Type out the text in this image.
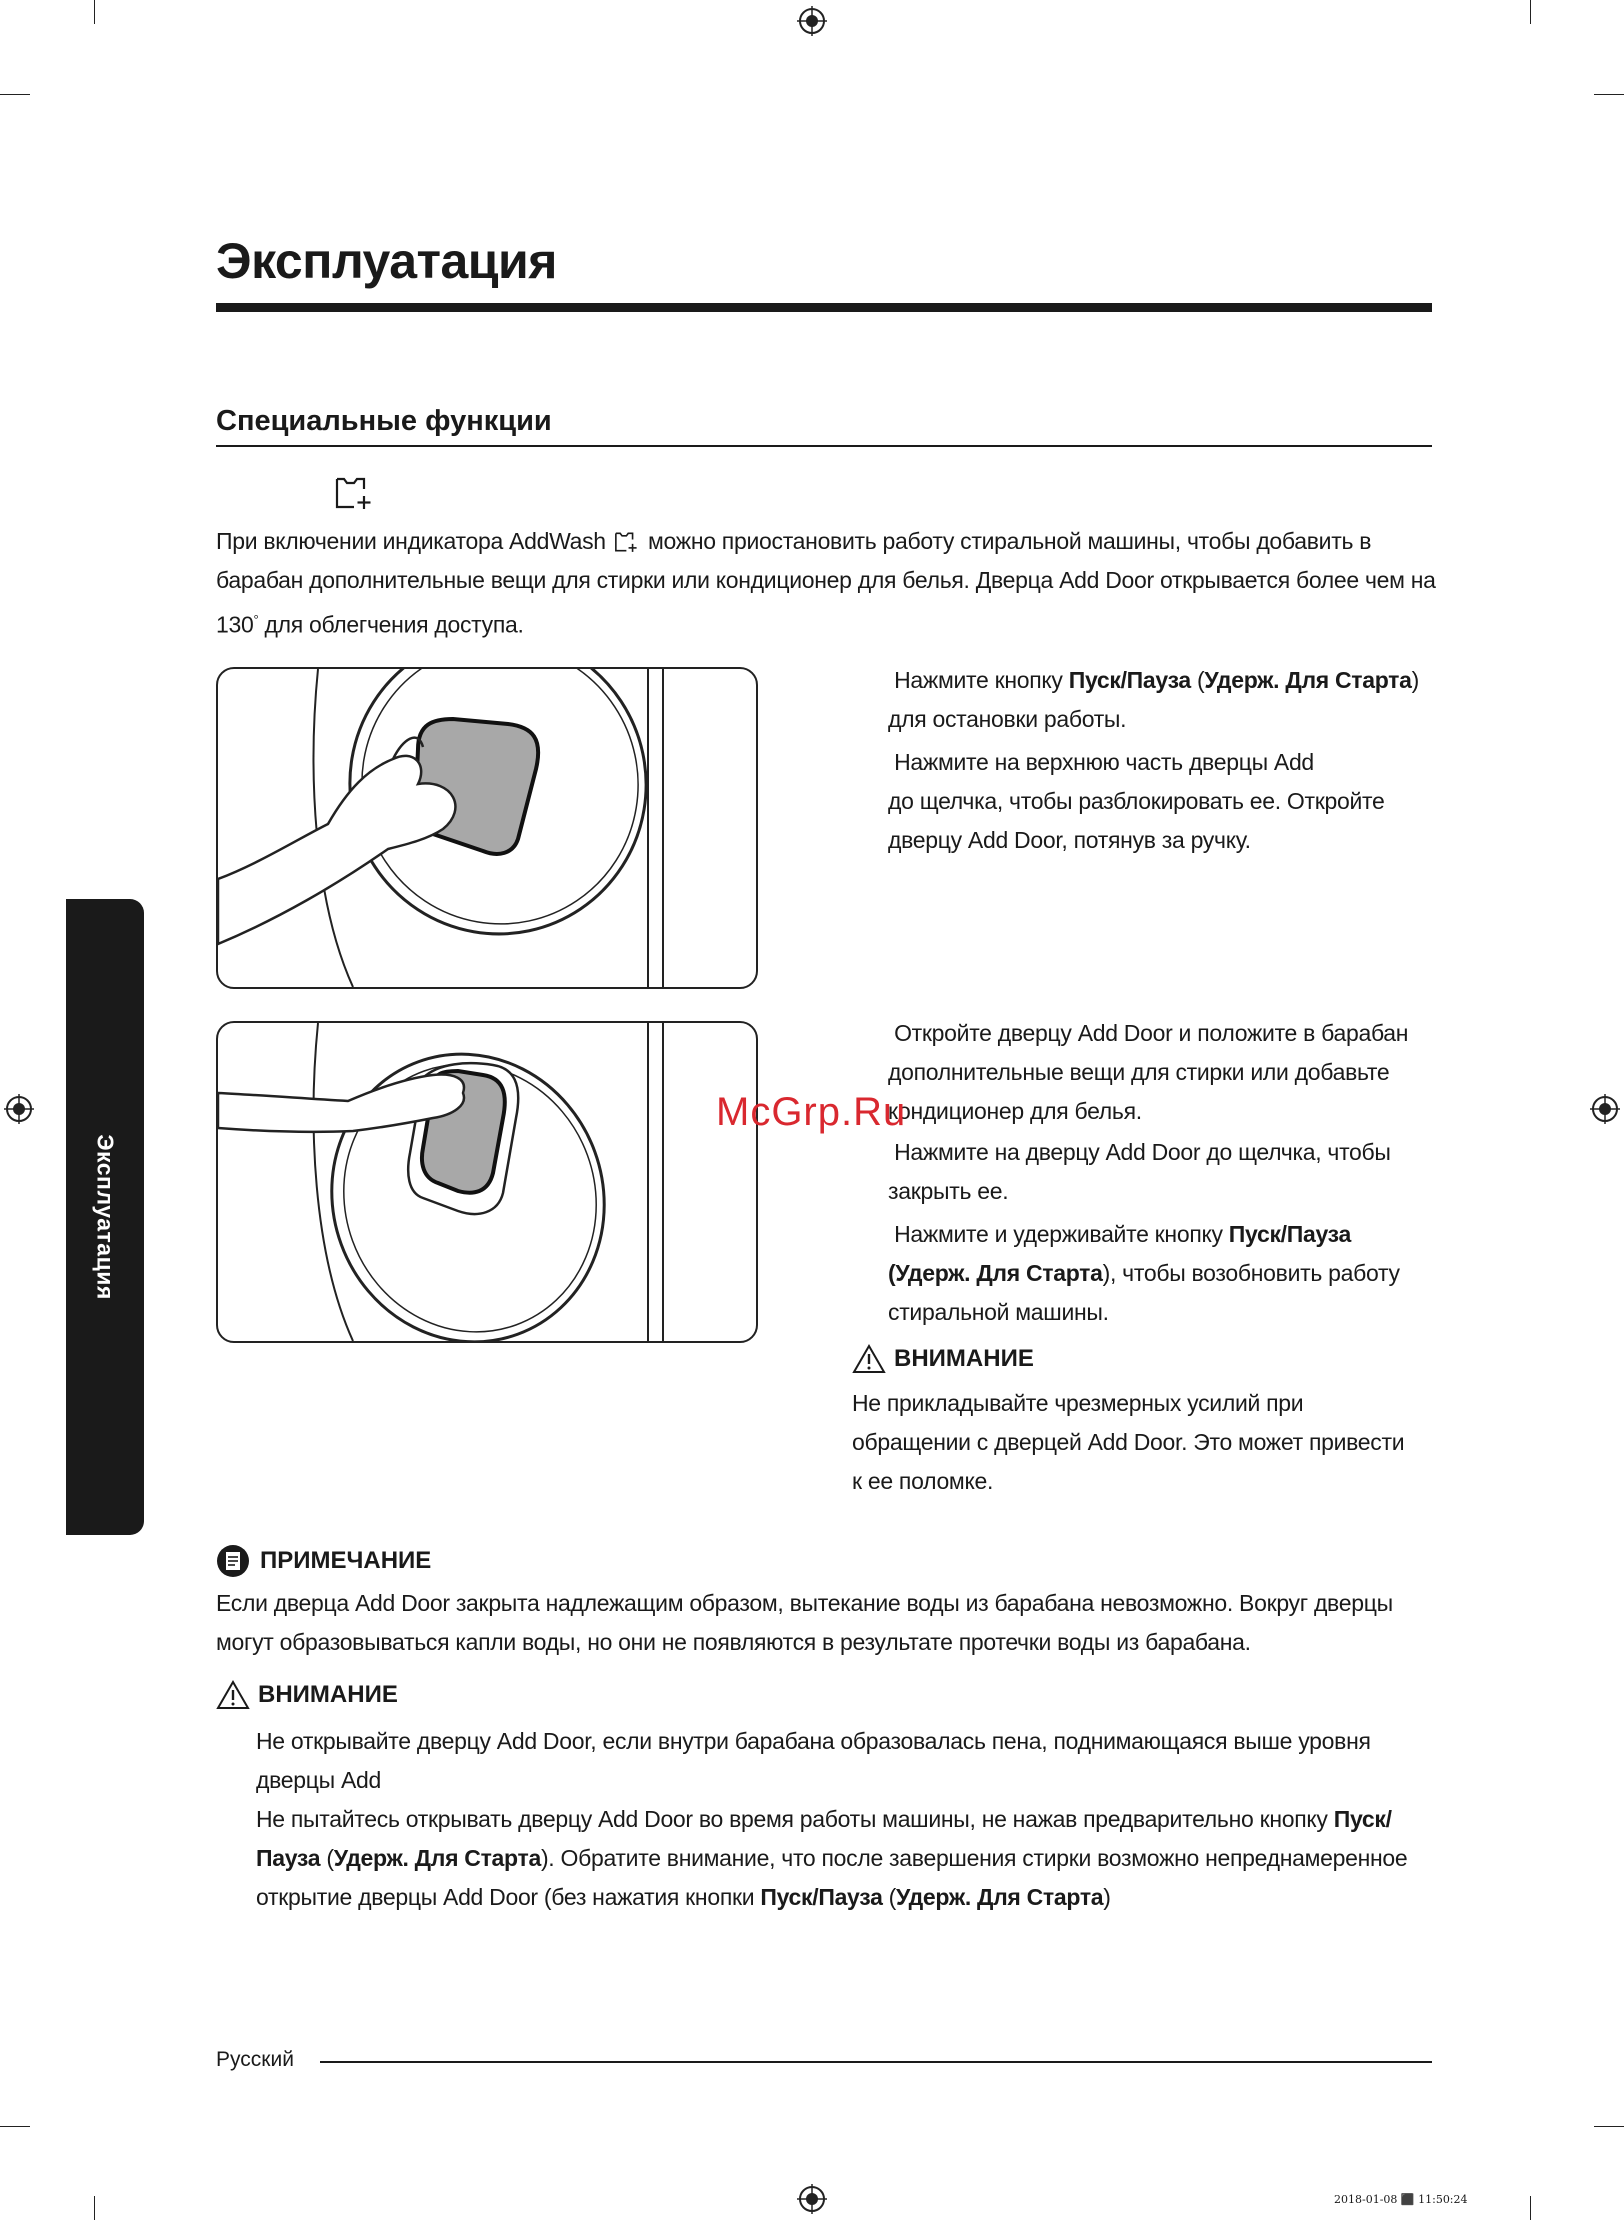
Эксплуатация
Специальные функции
При включении индикатора AddWash  можно приостановить работу стиральной машины, чтобы добавить в барабан дополнительные вещи для стирки или кондиционер для белья. Дверца Add Door открывается более чем на 130° для облегчения доступа.
Нажмите кнопку Пуск/Пауза (Удерж. Для Старта)
для остановки работы.
Нажмите на верхнюю часть дверцы Add
до щелчка, чтобы разблокировать ее. Откройте
дверцу Add Door, потянув за ручку.
Откройте дверцу Add Door и положите в барабан
дополнительные вещи для стирки или добавьте
кондиционер для белья.
Нажмите на дверцу Add Door до щелчка, чтобы
закрыть ее.
Нажмите и удерживайте кнопку Пуск/Пауза
(Удерж. Для Старта), чтобы возобновить работу
стиральной машины.
ВНИМАНИЕ
Не прикладывайте чрезмерных усилий при
обращении с дверцей Add Door. Это может привести
к ее поломке.
McGrp.Ru
ПРИМЕЧАНИЕ
Если дверца Add Door закрыта надлежащим образом, вытекание воды из барабана невозможно. Вокруг дверцы
могут образовываться капли воды, но они не появляются в результате протечки воды из барабана.
ВНИМАНИЕ
Не открывайте дверцу Add Door, если внутри барабана образовалась пена, поднимающаяся выше уровня
дверцы Add
Не пытайтесь открывать дверцу Add Door во время работы машины, не нажав предварительно кнопку Пуск/
Пауза (Удерж. Для Старта). Обратите внимание, что после завершения стирки возможно непреднамеренное
открытие дверцы Add Door (без нажатия кнопки Пуск/Пауза (Удерж. Для Старта)
Эксплуатация
Русский
2018-01-08 ⬛ 11:50:24
